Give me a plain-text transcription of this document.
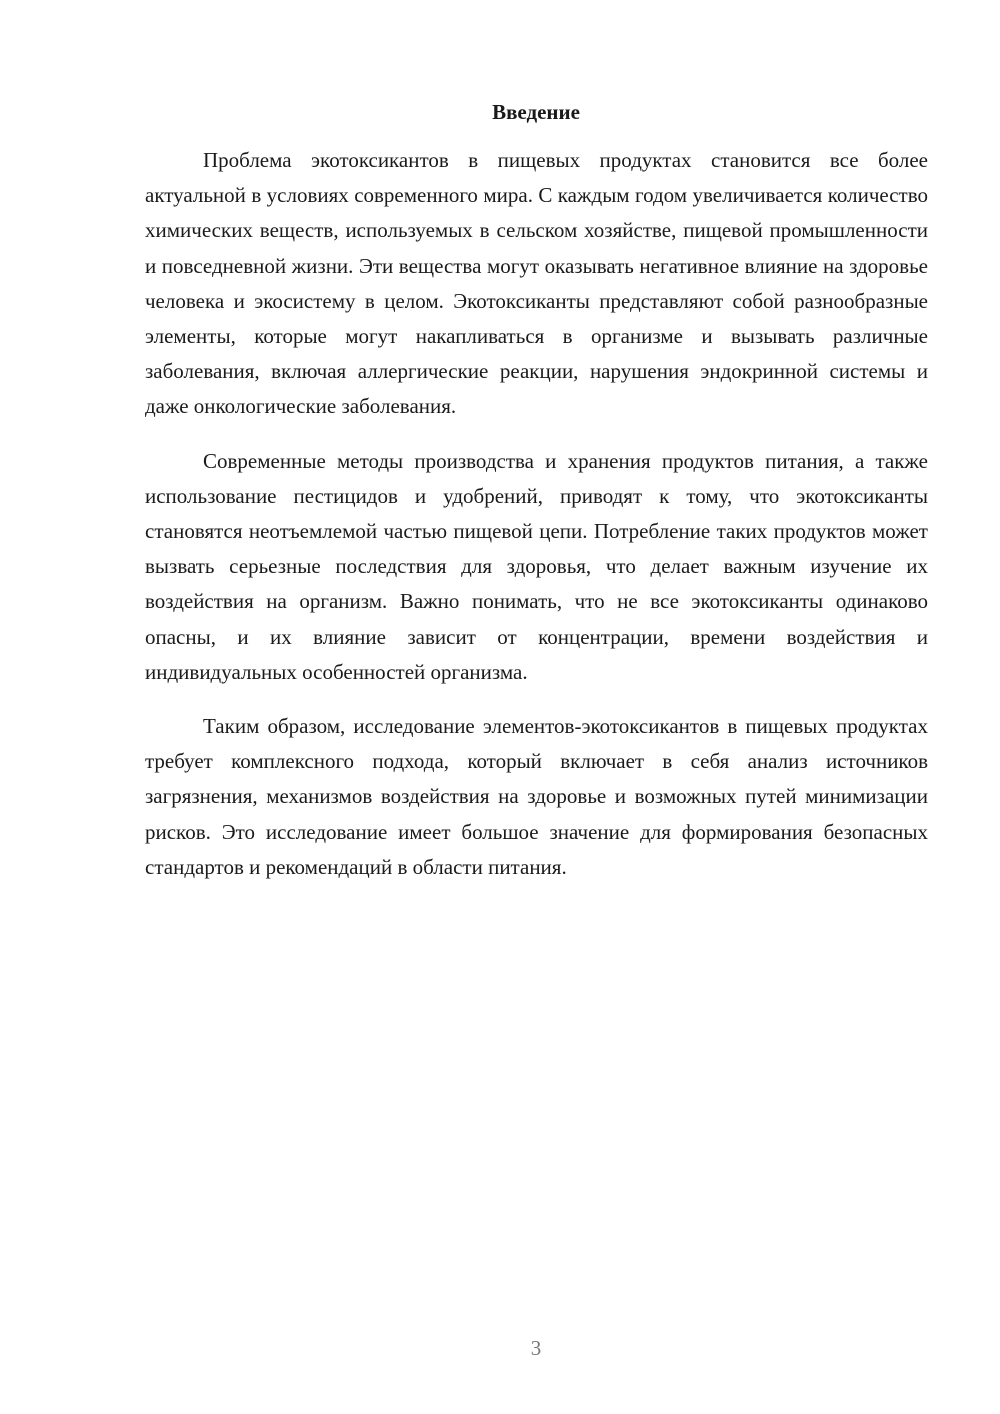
Введение

Проблема экотоксикантов в пищевых продуктах становится все более актуальной в условиях современного мира. С каждым годом увеличивается количество химических веществ, используемых в сельском хозяйстве, пищевой промышленности и повседневной жизни. Эти вещества могут оказывать негативное влияние на здоровье человека и экосистему в целом. Экотоксиканты представляют собой разнообразные элементы, которые могут накапливаться в организме и вызывать различные заболевания, включая аллергические реакции, нарушения эндокринной системы и даже онкологические заболевания.

Современные методы производства и хранения продуктов питания, а также использование пестицидов и удобрений, приводят к тому, что экотоксиканты становятся неотъемлемой частью пищевой цепи. Потребление таких продуктов может вызвать серьезные последствия для здоровья, что делает важным изучение их воздействия на организм. Важно понимать, что не все экотоксиканты одинаково опасны, и их влияние зависит от концентрации, времени воздействия и индивидуальных особенностей организма.

Таким образом, исследование элементов-экотоксикантов в пищевых продуктах требует комплексного подхода, который включает в себя анализ источников загрязнения, механизмов воздействия на здоровье и возможных путей минимизации рисков. Это исследование имеет большое значение для формирования безопасных стандартов и рекомендаций в области питания.

3
